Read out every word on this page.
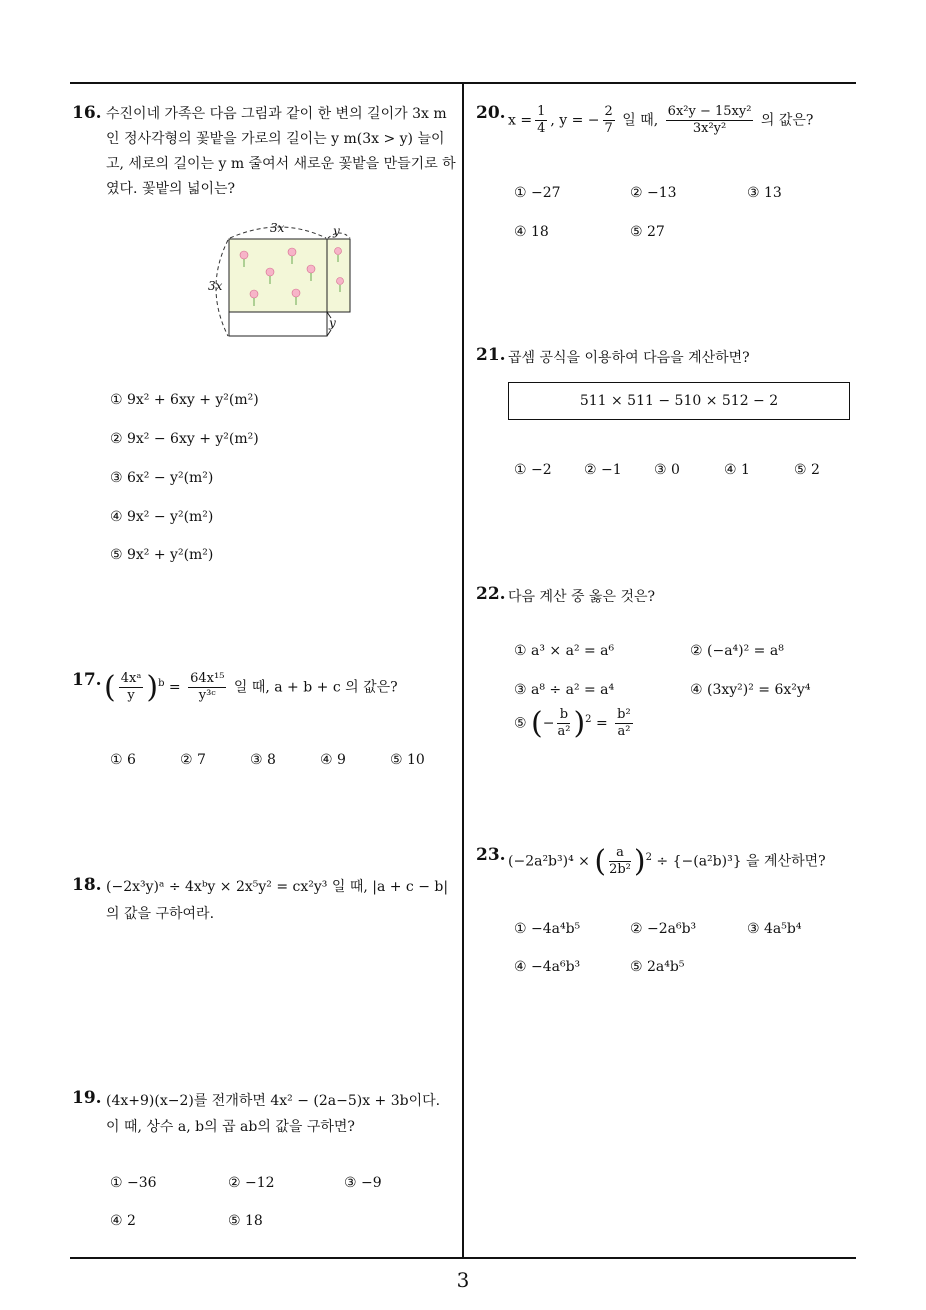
16. 수진이네 가족은 다음 그림과 같이 한 변의 길이가 3x m 인 정사각형의 꽃밭을 가로의 길이는 y m(3x > y) 늘이고, 세로의 길이는 y m 줄여서 새로운 꽃밭을 만들기로 하였다. 꽃밭의 넓이는?
3x	y
3x
y
① 9x² + 6xy + y²(m²)
② 9x² − 6xy + y²(m²)
③ 6x² − y²(m²)
④ 9x² − y²(m²)
⑤ 9x² + y²(m²)
17. ( $\frac{\text{4xᵃ}}{y} )^b = \frac{\text{64x¹⁵}}{\text{y³ᶜ}}$ 일 때, a + b + c 의 값은?
① 6	② 7	③ 8	④ 9	⑤ 10
18. (−2x³y)ᵃ ÷ 4xᵇy × 2x⁵y² = cx²y³ 일 때, |a + c − b|
의 값을 구하여라.
19. (4x+9)(x−2)를 전개하면 4x² − (2a−5)x + 3b이다.
이 때, 상수 a, b의 곱 ab의 값을 구하면?
① −36	② −12	③ −9
④ 2	⑤ 18
20. $x = \frac{1}{4}$ , y = − $\frac{2}{7}$ 일 때, $\frac{\text{6x²y − 15xy²}}{\text{3x²y²}}$ 의 값은?
① −27	② −13	③ 13
④ 18	⑤ 27
21. 곱셈 공식을 이용하여 다음을 계산하면?
511 × 511 − 510 × 512 − 2
① −2 ② −1 ③ 0	④ 1	⑤ 2
22. 다음 계산 중 옳은 것은?
① a³ × a² = a⁶	② (−a⁴)² = a⁸
③ a⁸ ÷ a² = a⁴	④ (3xy²)² = 6x²y⁴
⑤ (− $\frac{b}{\text{a²}} )^2 = \frac{\text{b²}}{\text{a²}}$
23. (−2a²b³)⁴ × ( $\frac{a}{\text{2b²}} )^2 \div \{-(a^2b)^3\}$ 을 계산하면?
① −4a⁴b⁵	② −2a⁶b³	③ 4a⁵b⁴
④ −4a⁶b³	⑤ 2a⁴b⁵
3
